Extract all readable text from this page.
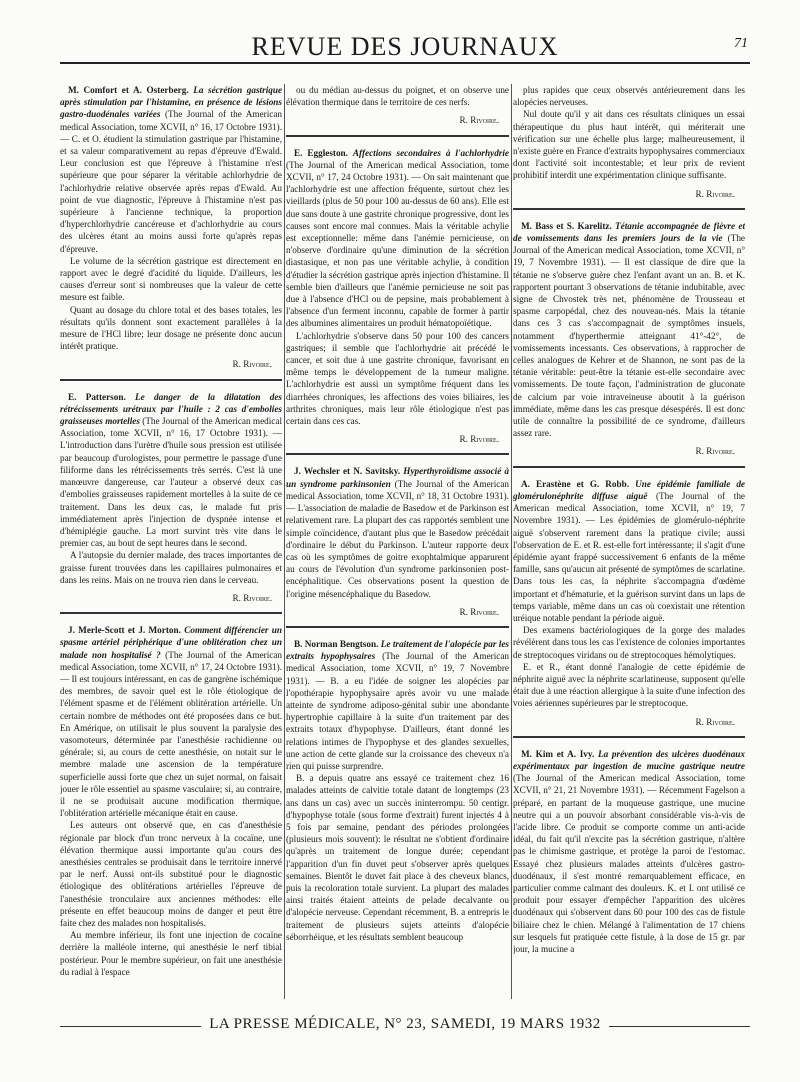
REVUE DES JOURNAUX	71

M. Comfort et A. Osterberg. La sécrétion gastrique après stimulation par l'histamine, en présence de lésions gastro-duodénales variées (The Journal of the American medical Association, tome XCVII, n° 16, 17 Octobre 1931). — C. et O. étudient la stimulation gastrique par l'histamine, et sa valeur comparativement au repas d'épreuve d'Ewald. Leur conclusion est que l'épreuve à l'histamine n'est supérieure que pour séparer la véritable achlorhydrie de l'achlorhydrie relative observée après repas d'Ewald. Au point de vue diagnostic, l'épreuve à l'histamine n'est pas supérieure à l'ancienne technique, la proportion d'hyperchlorhydrie cancéreuse et d'achlorhydrie au cours des ulcères étant au moins aussi forte qu'après repas d'épreuve.

Le volume de la sécrétion gastrique est directement en rapport avec le degré d'acidité du liquide. D'ailleurs, les causes d'erreur sont si nombreuses que la valeur de cette mesure est faible.

Quant au dosage du chlore total et des bases totales, les résultats qu'ils donnent sont exactement parallèles à la mesure de l'HCl libre; leur dosage ne présente donc aucun intérêt pratique.

R. Rivoire.

E. Patterson. Le danger de la dilatation des rétrécissements urétraux par l'huile : 2 cas d'embolies graisseuses mortelles (The Journal of the American medical Association, tome XCVII, n° 16, 17 Octobre 1931). — L'introduction dans l'urètre d'huile sous pression est utilisée par beaucoup d'urologistes, pour permettre le passage d'une filiforme dans les rétrécissements très serrés. C'est là une manœuvre dangereuse, car l'auteur a observé deux cas d'embolies graisseuses rapidement mortelles à la suite de ce traitement. Dans les deux cas, le malade fut pris immédiatement après l'injection de dyspnée intense et d'hémiplégie gauche. La mort survint très vite dans le premier cas, au bout de sept heures dans le second.

A l'autopsie du dernier malade, des traces importantes de graisse furent trouvées dans les capillaires pulmonaires et dans les reins. Mais on ne trouva rien dans le cerveau.

R. Rivoire.

J. Merle-Scott et J. Morton. Comment différencier un spasme artériel périphérique d'une oblitération chez un malade non hospitalisé ? (The Journal of the American medical Association, tome XCVII, n° 17, 24 Octobre 1931). — Il est toujours intéressant, en cas de gangrène ischémique des membres, de savoir quel est le rôle étiologique de l'élément spasme et de l'élément oblitération artérielle. Un certain nombre de méthodes ont été proposées dans ce but. En Amérique, on utilisait le plus souvent la paralysie des vasomoteurs, déterminée par l'anesthésie rachidienne ou générale; si, au cours de cette anesthésie, on notait sur le membre malade une ascension de la température superficielle aussi forte que chez un sujet normal, on faisait jouer le rôle essentiel au spasme vasculaire; si, au contraire, il ne se produisait aucune modification thermique, l'oblitération artérielle mécanique était en cause.

Les auteurs ont observé que, en cas d'anesthésie régionale par block d'un tronc nerveux à la cocaïne, une élévation thermique aussi importante qu'au cours des anesthésies centrales se produisait dans le territoire innervé par le nerf. Aussi ont-ils substitué pour le diagnostic étiologique des oblitérations artérielles l'épreuve de l'anesthésie tronculaire aux anciennes méthodes: elle présente en effet beaucoup moins de danger et peut être faite chez des malades non hospitalisés.

Au membre inférieur, ils font une injection de cocaïne derrière la malléole interne, qui anesthésie le nerf tibial postérieur. Pour le membre supérieur, on fait une anesthésie du radial à l'espace

ou du médian au-dessus du poignet, et on observe une élévation thermique dans le territoire de ces nerfs.

R. Rivoire.

E. Eggleston. Affections secondaires à l'achlorhydrie (The Journal of the American medical Association, tome XCVII, n° 17, 24 Octobre 1931). — On sait maintenant que l'achlorhydrie est une affection fréquente, surtout chez les vieillards (plus de 50 pour 100 au-dessus de 60 ans). Elle est due sans doute à une gastrite chronique progressive, dont les causes sont encore mal connues. Mais la véritable achylie est exceptionnelle: même dans l'anémie pernicieuse, on n'observe d'ordinaire qu'une diminution de la sécrétion diastasique, et non pas une véritable achylie, à condition d'étudier la sécrétion gastrique après injection d'histamine. Il semble bien d'ailleurs que l'anémie pernicieuse ne soit pas due à l'absence d'HCl ou de pepsine, mais probablement à l'absence d'un ferment inconnu, capable de former à partir des albumines alimentaires un produit hématopoïétique.

L'achlorhydrie s'observe dans 50 pour 100 des cancers gastriques; il semble que l'achlorhydrie ait précédé le cancer, et soit due à une gastrite chronique, favorisant en même temps le développement de la tumeur maligne. L'achlorhydrie est aussi un symptôme fréquent dans les diarrhées chroniques, les affections des voies biliaires, les arthrites chroniques, mais leur rôle étiologique n'est pas certain dans ces cas.

R. Rivoire.

J. Wechsler et N. Savitsky. Hyperthyroïdisme associé à un syndrome parkinsonien (The Journal of the American medical Association, tome XCVII, n° 18, 31 Octobre 1931). — L'association de maladie de Basedow et de Parkinson est relativement rare. La plupart des cas rapportés semblent une simple coïncidence, d'autant plus que le Basedow précédait d'ordinaire le début du Parkinson. L'auteur rapporte deux cas où les symptômes de goitre exophtalmique apparurent au cours de l'évolution d'un syndrome parkinsonien post-encéphalitique. Ces observations posent la question de l'origine mésencéphalique du Basedow.

R. Rivoire.

B. Norman Bengtson. Le traitement de l'alopécie par les extraits hypophysaires (The Journal of the American medical Association, tome XCVII, n° 19, 7 Novembre 1931). — B. a eu l'idée de soigner les alopécies par l'opothérapie hypophysaire après avoir vu une malade atteinte de syndrome adiposo-génital subir une abondante hypertrophie capillaire à la suite d'un traitement par des extraits totaux d'hypophyse. D'ailleurs, étant donné les relations intimes de l'hypophyse et des glandes sexuelles, une action de cette glande sur la croissance des cheveux n'a rien qui puisse surprendre.

B. a depuis quatre ans essayé ce traitement chez 16 malades atteints de calvitie totale datant de longtemps (23 ans dans un cas) avec un succès ininterrompu. 50 centigr. d'hypophyse totale (sous forme d'extrait) furent injectés 4 à 5 fois par semaine, pendant des périodes prolongées (plusieurs mois souvent): le résultat ne s'obtient d'ordinaire qu'après un traitement de longue durée; cependant l'apparition d'un fin duvet peut s'observer après quelques semaines. Bientôt le duvet fait place à des cheveux blancs, puis la recoloration totale survient. La plupart des malades ainsi traités étaient atteints de pelade decalvante ou d'alopécie nerveuse. Cependant récemment, B. a entrepris le traitement de plusieurs sujets atteints d'alopécie séborrhéique, et les résultats semblent beaucoup

plus rapides que ceux observés antérieurement dans les alopécies nerveuses.

Nul doute qu'il y ait dans ces résultats cliniques un essai thérapeutique du plus haut intérêt, qui mériterait une vérification sur une échelle plus large; malheureusement, il n'existe guère en France d'extraits hypophysaires commerciaux dont l'activité soit incontestable; et leur prix de revient prohibitif interdit une expérimentation clinique suffisante.

R. Rivoire.

M. Bass et S. Karelitz. Tétanie accompagnée de fièvre et de vomissements dans les premiers jours de la vie (The Journal of the American medical Association, tome XCVII, n° 19, 7 Novembre 1931). — Il est classique de dire que la tétanie ne s'observe guère chez l'enfant avant un an. B. et K. rapportent pourtant 3 observations de tétanie indubitable, avec signe de Chvostek très net, phénomène de Trousseau et spasme carpopédal, chez des nouveau-nés. Mais la tétanie dans ces 3 cas s'accompagnait de symptômes insuels, notamment d'hyperthermie atteignant 41°-42°, de vomissements incessants. Ces observations, à rapprocher de celles analogues de Kehrer et de Shannon, ne sont pas de la tétanie véritable: peut-être la tétanie est-elle secondaire avec vomissements. De toute façon, l'administration de gluconate de calcium par voie intraveineuse aboutit à la guérison immédiate, même dans les cas presque désespérés. Il est donc utile de connaître la possibilité de ce syndrome, d'ailleurs assez rare.

R. Rivoire.

A. Erastène et G. Robb. Une épidémie familiale de glomérulonéphrite diffuse aiguë (The Journal of the American medical Association, tome XCVII, n° 19, 7 Novembre 1931). — Les épidémies de glomérulo-néphrite aiguë s'observent rarement dans la pratique civile; aussi l'observation de E. et R. est-elle fort intéressante; il s'agit d'une épidémie ayant frappé successivement 6 enfants de la même famille, sans qu'aucun ait présenté de symptômes de scarlatine. Dans tous les cas, la néphrite s'accompagna d'œdème important et d'hématurie, et la guérison survint dans un laps de temps variable, même dans un cas où coexistait une rétention uréique notable pendant la période aiguë.

Des examens bactériologiques de la gorge des malades révélèrent dans tous les cas l'existence de colonies importantes de streptocoques viridans ou de streptocoques hémolytiques.

E. et R., étant donné l'analogie de cette épidémie de néphrite aiguë avec la néphrite scarlatineuse, supposent qu'elle était due à une réaction allergique à la suite d'une infection des voies aériennes supérieures par le streptocoque.

R. Rivoire.

M. Kim et A. Ivy. La prévention des ulcères duodénaux expérimentaux par ingestion de mucine gastrique neutre (The Journal of the American medical Association, tome XCVII, n° 21, 21 Novembre 1931). — Récemment Fagelson a préparé, en partant de la muqueuse gastrique, une mucine neutre qui a un pouvoir absorbant considérable vis-à-vis de l'acide libre. Ce produit se comporte comme un anti-acide idéal, du fait qu'il n'excite pas la sécrétion gastrique, n'altère pas le chimisme gastrique, et protège la paroi de l'estomac. Essayé chez plusieurs malades atteints d'ulcères gastro-duodénaux, il s'est montré remarquablement efficace, en particulier comme calmant des douleurs. K. et I. ont utilisé ce produit pour essayer d'empêcher l'apparition des ulcères duodénaux qui s'observent dans 60 pour 100 des cas de fistule biliaire chez le chien. Mélangé à l'alimentation de 17 chiens sur lesquels fut pratiquée cette fistule, à la dose de 15 gr. par jour, la mucine a

LA PRESSE MÉDICALE, N° 23, SAMEDI, 19 MARS 1932
